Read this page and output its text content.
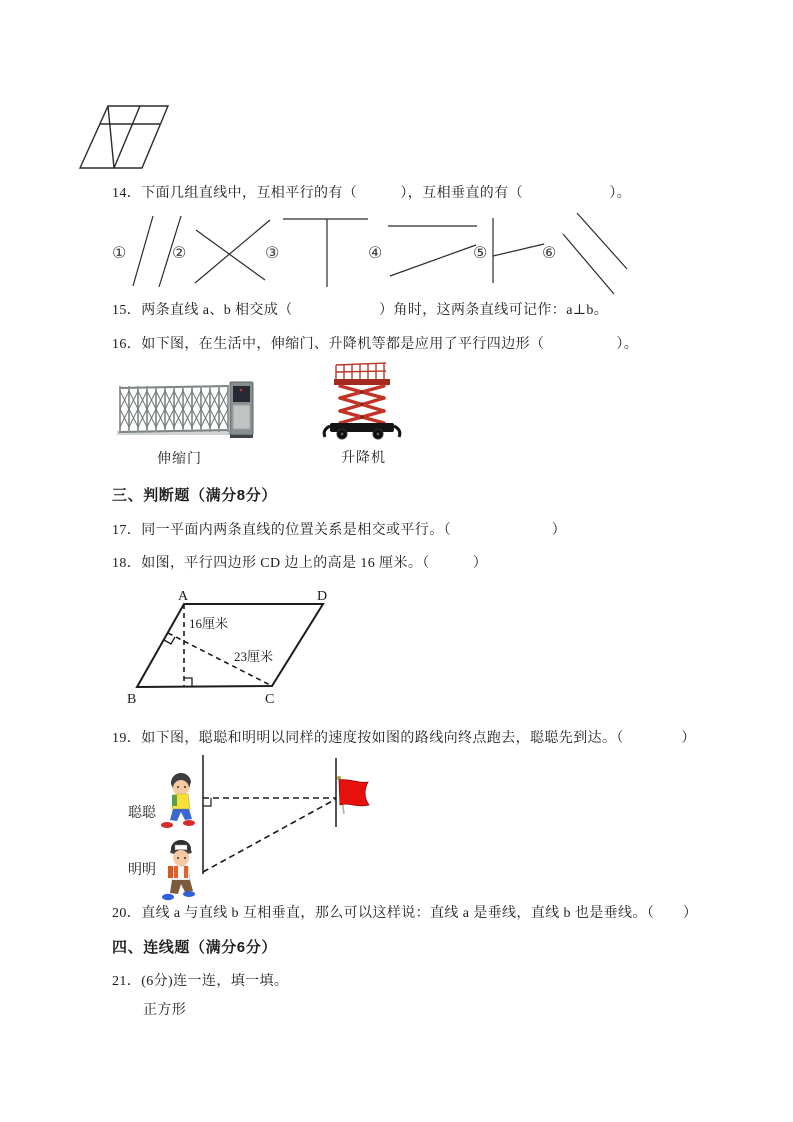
14．下面几组直线中，互相平行的有（　　　），互相垂直的有（　　　　　　）。
①	②	③	④	⑤	⑥
15．两条直线 a、b 相交成（　　　　　　）角时，这两条直线可记作：a⊥b。
16．如下图，在生活中，伸缩门、升降机等都是应用了平行四边形（　　　　　）。
伸缩门	升降机
三、判断题（满分8分）
17．同一平面内两条直线的位置关系是相交或平行。（　　　　　　　）
18．如图，平行四边形 CD 边上的高是 16 厘米。（　　　）
A	D
B	C
16厘米
23厘米
19．如下图，聪聪和明明以同样的速度按如图的路线向终点跑去，聪聪先到达。（　　　　）
聪聪
明明
20．直线 a 与直线 b 互相垂直，那么可以这样说：直线 a 是垂线，直线 b 也是垂线。（　　）
四、连线题（满分6分）
21．(6分)连一连，填一填。
正方形
